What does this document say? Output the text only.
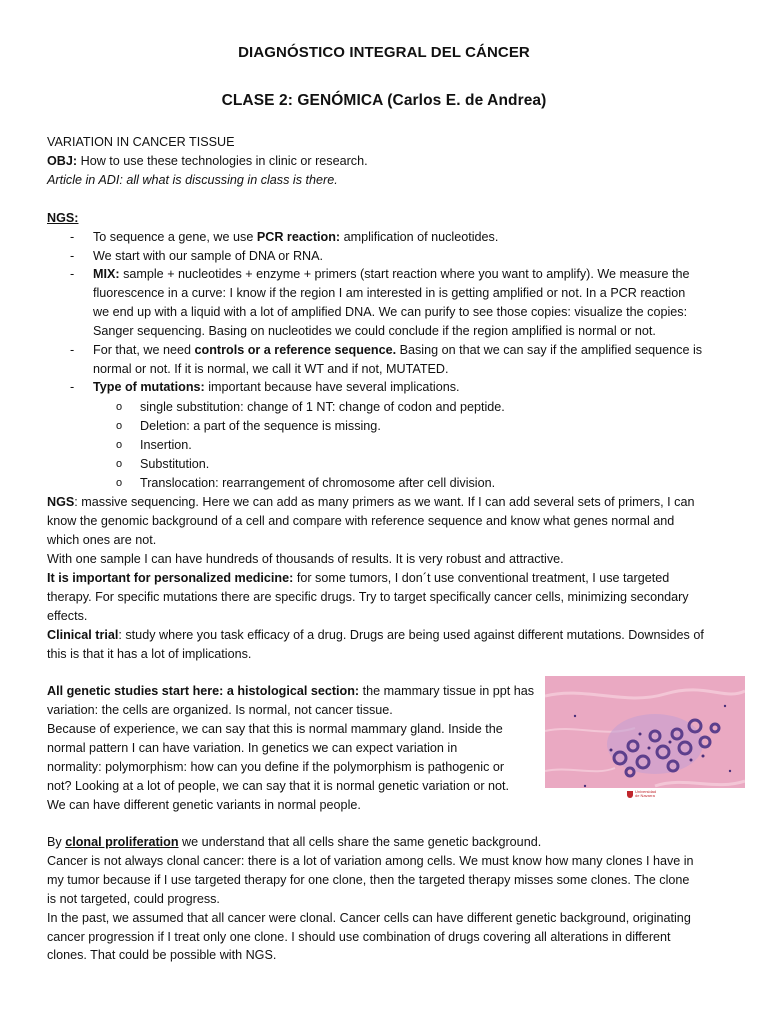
DIAGNÓSTICO INTEGRAL DEL CÁNCER
CLASE 2: GENÓMICA (Carlos E. de Andrea)
VARIATION IN CANCER TISSUE
OBJ: How to use these technologies in clinic or research.
Article in ADI: all what is discussing in class is there.
NGS:
- To sequence a gene, we use PCR reaction: amplification of nucleotides.
- We start with our sample of DNA or RNA.
- MIX: sample + nucleotides + enzyme + primers (start reaction where you want to amplify). We measure the
fluorescence in a curve: I know if the region I am interested in is getting amplified or not. In a PCR reaction
we end up with a liquid with a lot of amplified DNA. We can purify to see those copies: visualize the copies:
Sanger sequencing. Basing on nucleotides we could conclude if the region amplified is normal or not.
- For that, we need controls or a reference sequence. Basing on that we can say if the amplified sequence is
normal or not. If it is normal, we call it WT and if not, MUTATED.
- Type of mutations: important because have several implications.
o single substitution: change of 1 NT: change of codon and peptide.
o Deletion: a part of the sequence is missing.
o Insertion.
o Substitution.
o Translocation: rearrangement of chromosome after cell division.
NGS: massive sequencing. Here we can add as many primers as we want. If I can add several sets of primers, I can
know the genomic background of a cell and compare with reference sequence and know what genes normal and
which ones are not.
With one sample I can have hundreds of thousands of results. It is very robust and attractive.
It is important for personalized medicine: for some tumors, I don´t use conventional treatment, I use targeted
therapy. For specific mutations there are specific drugs. Try to target specifically cancer cells, minimizing secondary
effects.
Clinical trial: study where you task efficacy of a drug. Drugs are being used against different mutations. Downsides of
this is that it has a lot of implications.
All genetic studies start here: a histological section: the mammary tissue in ppt has
variation: the cells are organized. Is normal, not cancer tissue.
Because of experience, we can say that this is normal mammary gland. Inside the
normal pattern I can have variation. In genetics we can expect variation in
normality: polymorphism: how can you define if the polymorphism is pathogenic or
not? Looking at a lot of people, we can say that it is normal genetic variation or not.
We can have different genetic variants in normal people.
Universidad de Navarra
By clonal proliferation we understand that all cells share the same genetic background.
Cancer is not always clonal cancer: there is a lot of variation among cells. We must know how many clones I have in
my tumor because if I use targeted therapy for one clone, then the targeted therapy misses some clones. The clone
is not targeted, could progress.
In the past, we assumed that all cancer were clonal. Cancer cells can have different genetic background, originating
cancer progression if I treat only one clone. I should use combination of drugs covering all alterations in different
clones. That could be possible with NGS.
